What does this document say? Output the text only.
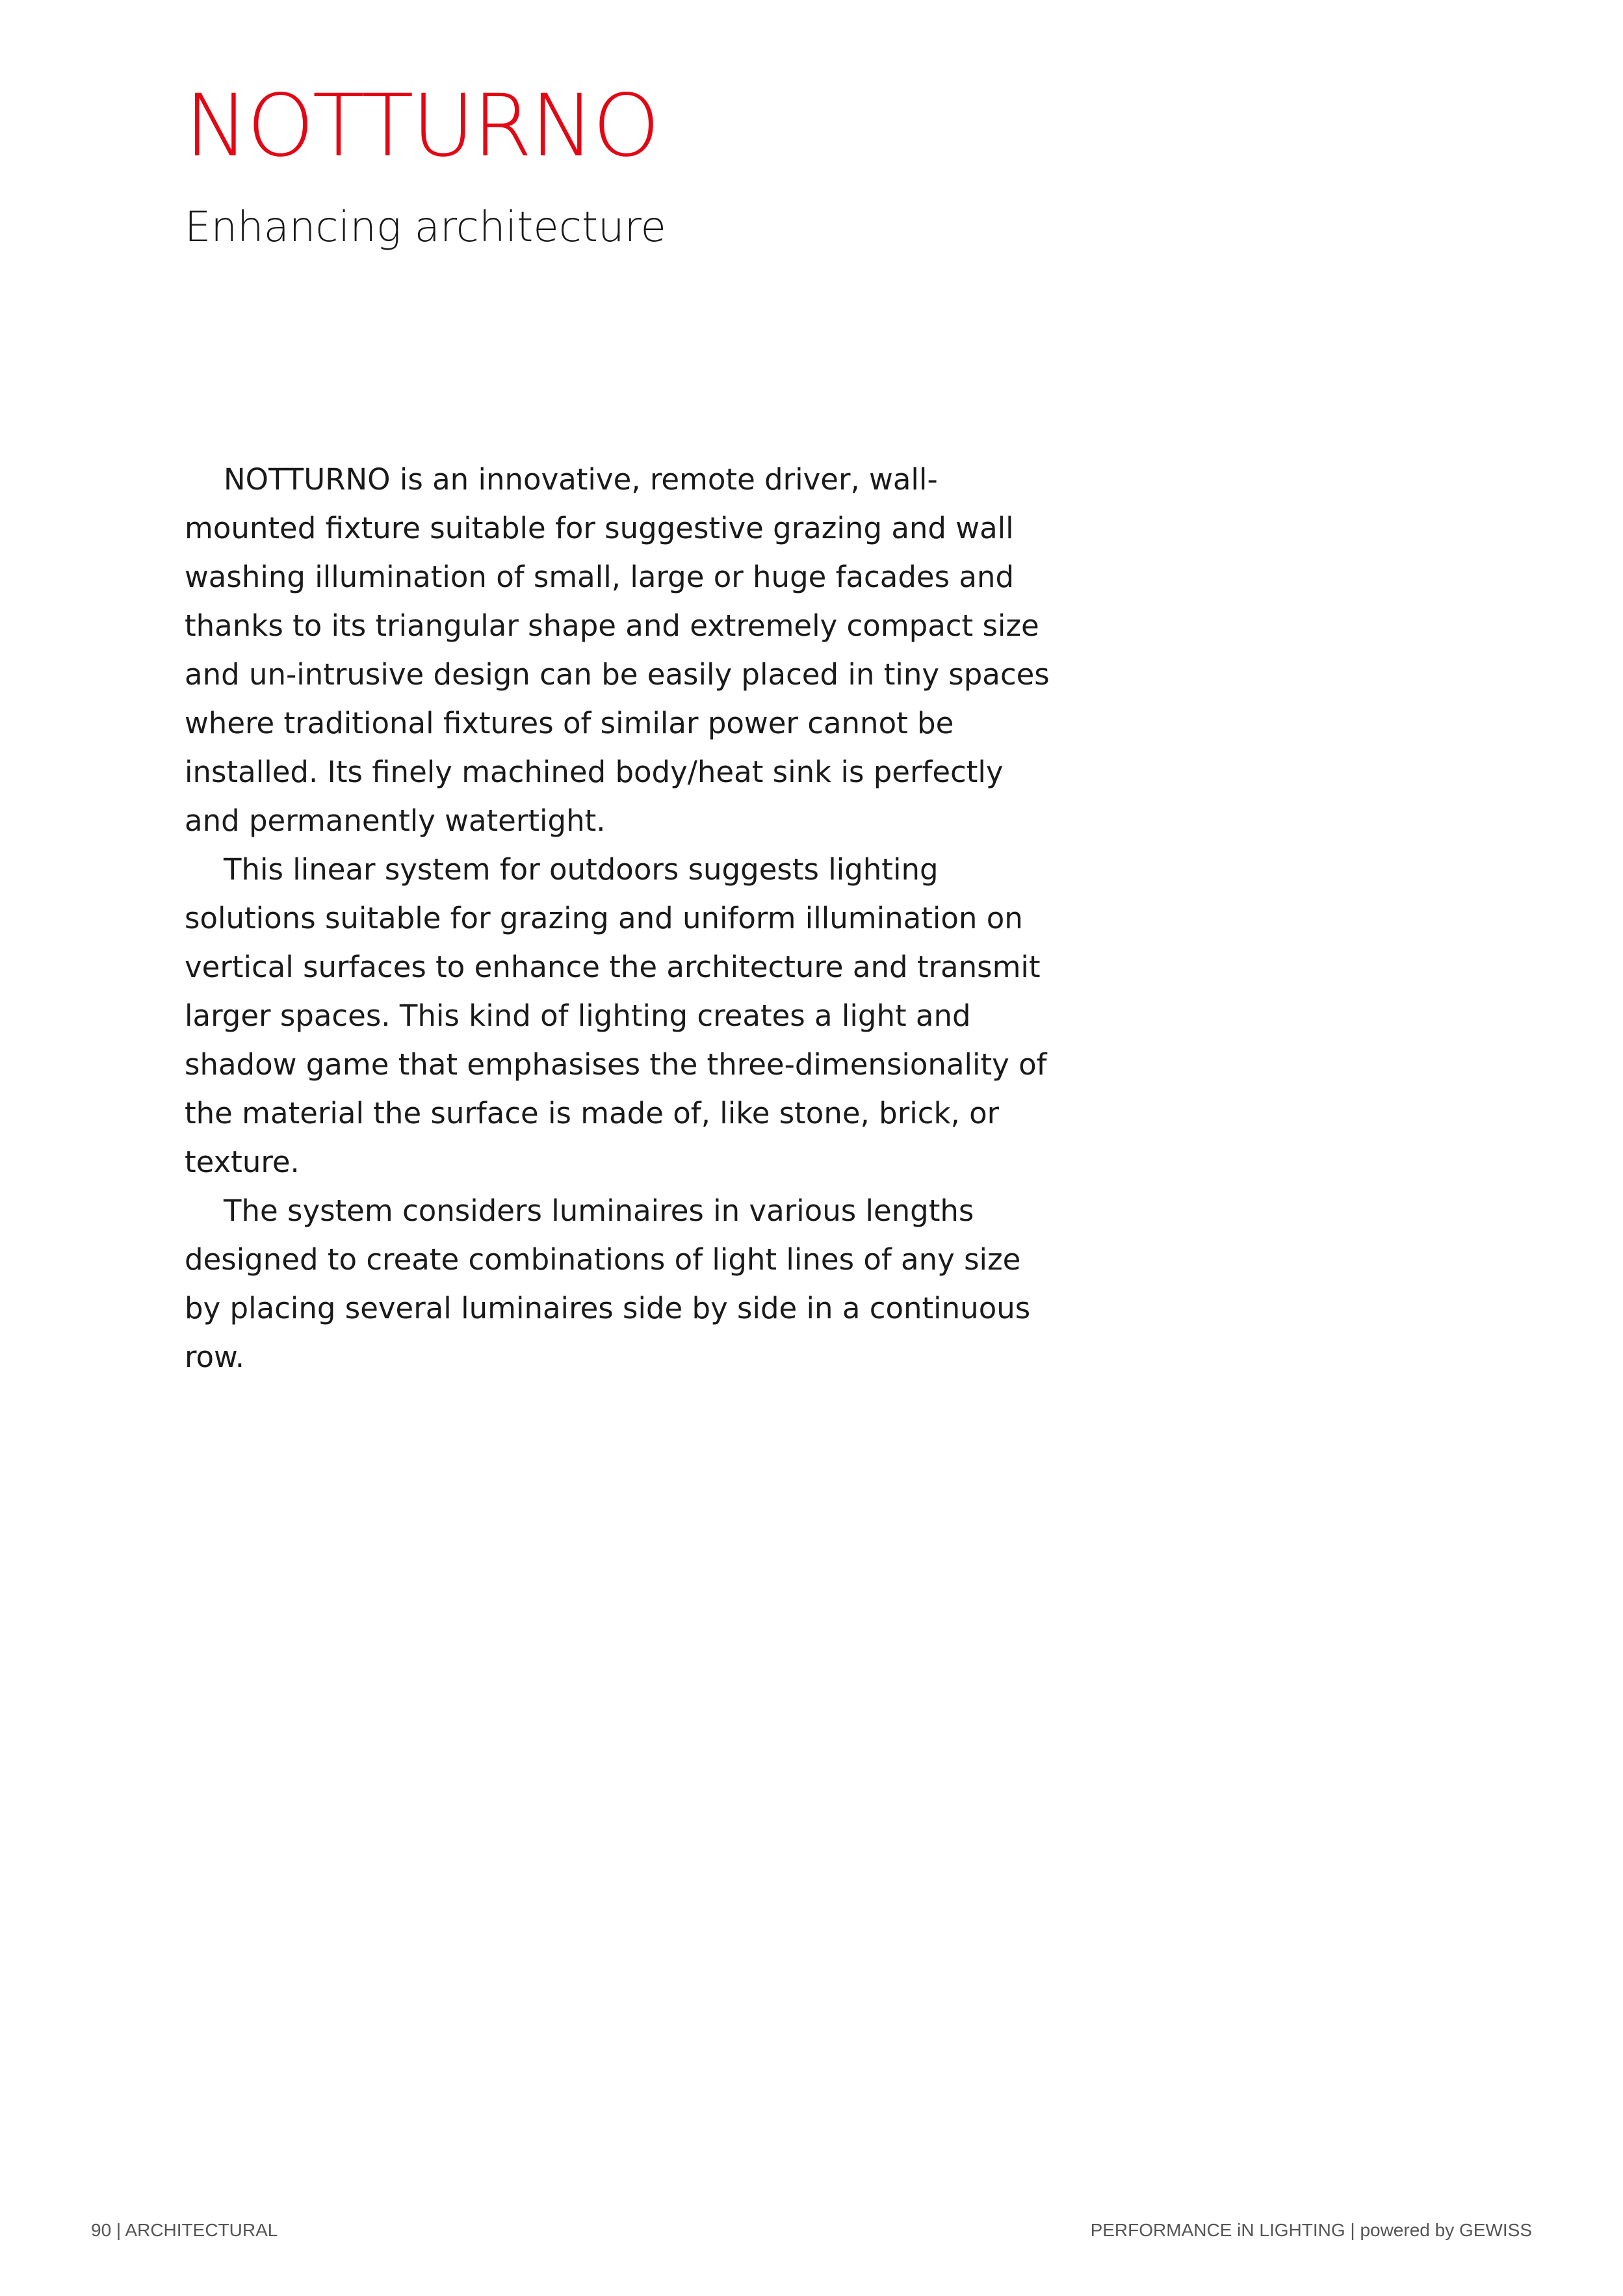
NOTTURNO
Enhancing architecture

NOTTURNO is an innovative, remote driver, wall-mounted fixture suitable for suggestive grazing and wall washing illumination of small, large or huge facades and thanks to its triangular shape and extremely compact size and un-intrusive design can be easily placed in tiny spaces where traditional fixtures of similar power cannot be installed. Its finely machined body/heat sink is perfectly and permanently watertight.

This linear system for outdoors suggests lighting solutions suitable for grazing and uniform illumination on vertical surfaces to enhance the architecture and transmit larger spaces. This kind of lighting creates a light and shadow game that emphasises the three-dimensionality of the material the surface is made of, like stone, brick, or texture.

The system considers luminaires in various lengths designed to create combinations of light lines of any size by placing several luminaires side by side in a continuous row.

90 | ARCHITECTURAL	PERFORMANCE iN LIGHTING | powered by GEWISS
